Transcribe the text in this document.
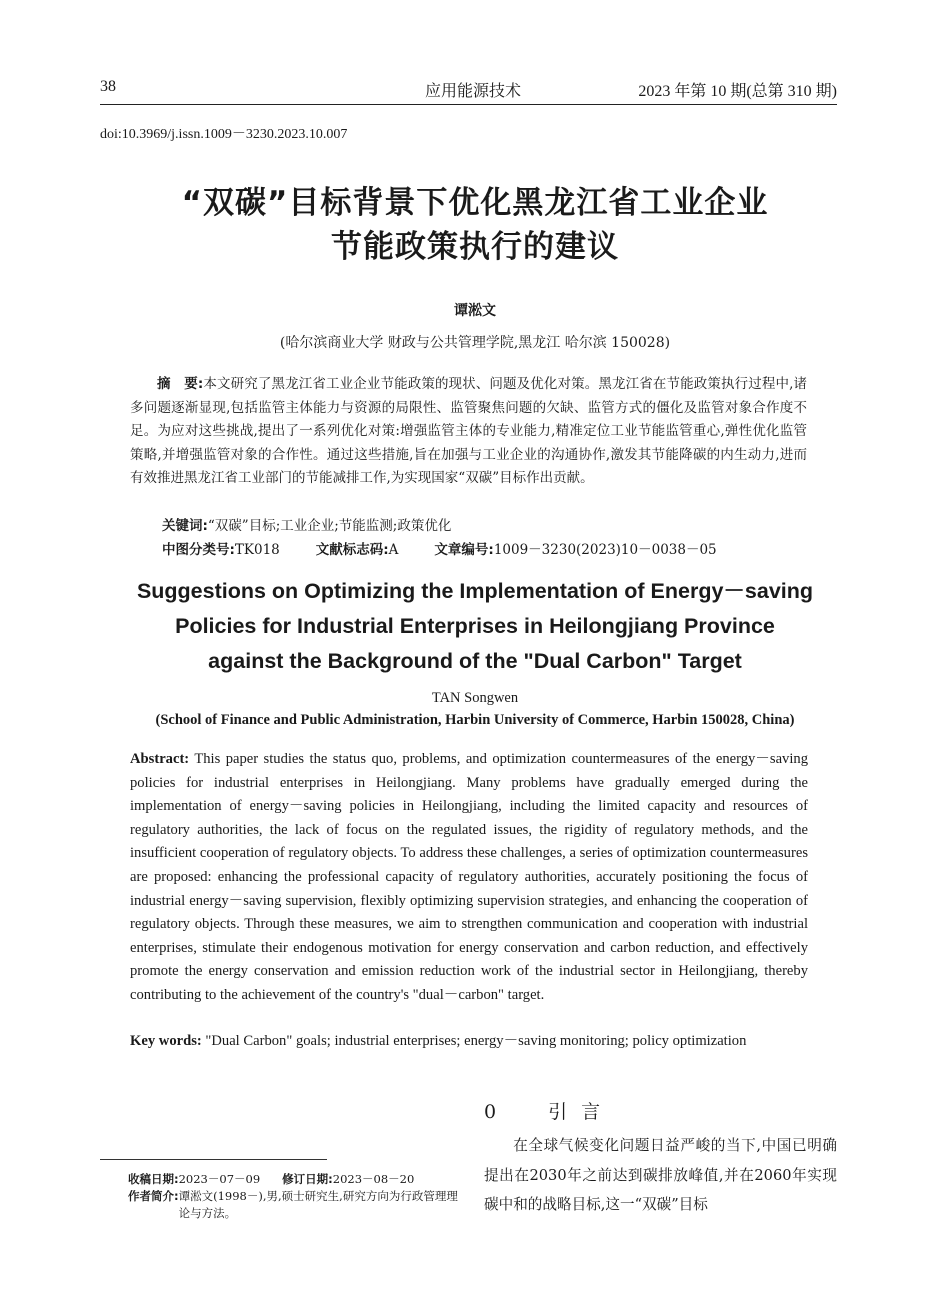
38	应用能源技术	2023 年第 10 期(总第 310 期)
doi:10.3969/j.issn.1009－3230.2023.10.007
“双碳”目标背景下优化黑龙江省工业企业
节能政策执行的建议
谭淞文
(哈尔滨商业大学 财政与公共管理学院,黑龙江 哈尔滨 150028)
摘　要:本文研究了黑龙江省工业企业节能政策的现状、问题及优化对策。黑龙江省在节能政策执行过程中,诸多问题逐渐显现,包括监管主体能力与资源的局限性、监管聚焦问题的欠缺、监管方式的僵化及监管对象合作度不足。为应对这些挑战,提出了一系列优化对策:增强监管主体的专业能力,精准定位工业节能监管重心,弹性优化监管策略,并增强监管对象的合作性。通过这些措施,旨在加强与工业企业的沟通协作,激发其节能降碳的内生动力,进而有效推进黑龙江省工业部门的节能减排工作,为实现国家“双碳”目标作出贡献。
关键词:“双碳”目标;工业企业;节能监测;政策优化
中图分类号:TK018	文献标志码:A	文章编号:1009－3230(2023)10－0038－05
Suggestions on Optimizing the Implementation of Energy－saving
Policies for Industrial Enterprises in Heilongjiang Province
against the Background of the "Dual Carbon" Target
TAN Songwen
(School of Finance and Public Administration, Harbin University of Commerce, Harbin 150028, China)
Abstract: This paper studies the status quo, problems, and optimization countermeasures of the energy－saving policies for industrial enterprises in Heilongjiang. Many problems have gradually emerged during the implementation of energy－saving policies in Heilongjiang, including the limited capacity and resources of regulatory authorities, the lack of focus on the regulated issues, the rigidity of regulatory methods, and the insufficient cooperation of regulatory objects. To address these challenges, a series of optimization countermeasures are proposed: enhancing the professional capacity of regulatory authorities, accurately positioning the focus of industrial energy－saving supervision, flexibly optimizing supervision strategies, and enhancing the cooperation of regulatory objects. Through these measures, we aim to strengthen communication and cooperation with industrial enterprises, stimulate their endogenous motivation for energy conservation and carbon reduction, and effectively promote the energy conservation and emission reduction work of the industrial sector in Heilongjiang, thereby contributing to the achievement of the country's "dual－carbon" target.
Key words: "Dual Carbon" goals; industrial enterprises; energy－saving monitoring; policy optimization
0 引言
在全球气候变化问题日益严峻的当下,中国已明确提出在2030年之前达到碳排放峰值,并在2060年实现碳中和的战略目标,这一“双碳”目标
收稿日期:2023－07－09 修订日期:2023－08－20
作者简介: 谭淞文(1998－),男,硕士研究生,研究方向为行政管理理论与方法。
